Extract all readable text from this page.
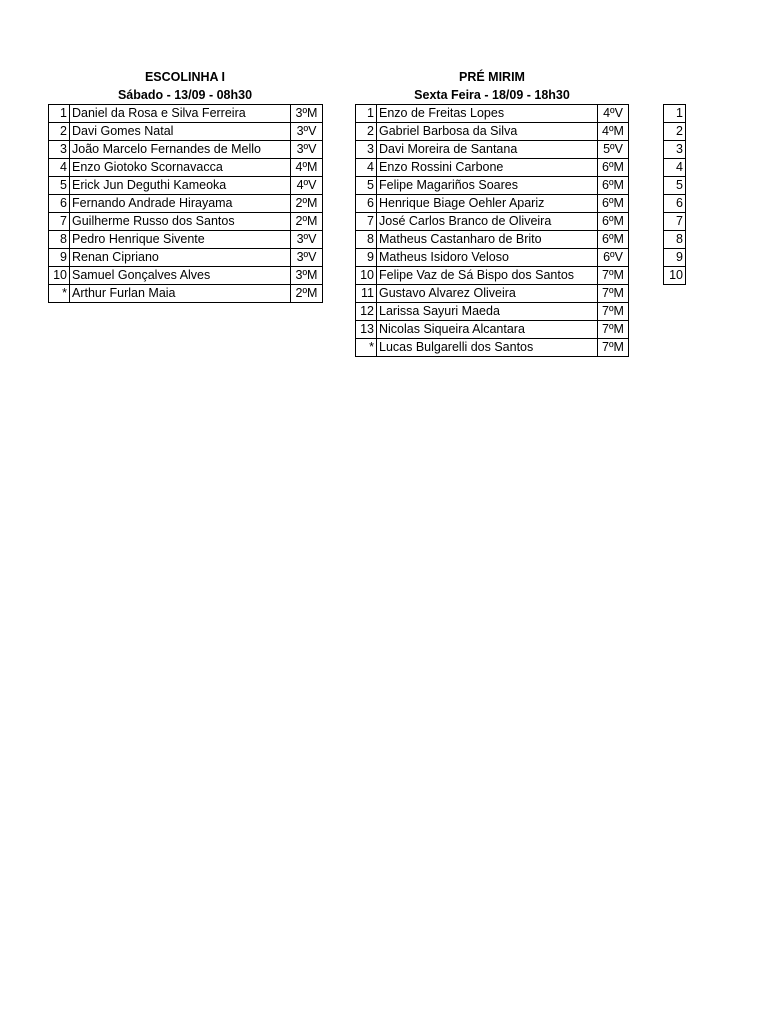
ESCOLINHA I
Sábado - 13/09 - 08h30
1	Daniel da Rosa e Silva Ferreira	3ºM
2	Davi Gomes Natal	3ºV
3	João Marcelo Fernandes de Mello	3ºV
4	Enzo Giotoko Scornavacca	4ºM
5	Erick Jun Deguthi Kameoka	4ºV
6	Fernando Andrade Hirayama	2ºM
7	Guilherme Russo dos Santos	2ºM
8	Pedro Henrique Sivente	3ºV
9	Renan Cipriano	3ºV
10	Samuel Gonçalves Alves	3ºM
*	Arthur Furlan Maia	2ºM
PRÉ MIRIM
Sexta Feira - 18/09 - 18h30
1	Enzo de Freitas Lopes	4ºV
2	Gabriel Barbosa da Silva	4ºM
3	Davi Moreira de Santana	5ºV
4	Enzo Rossini Carbone	6ºM
5	Felipe Magariños Soares	6ºM
6	Henrique Biage Oehler Apariz	6ºM
7	José Carlos Branco de Oliveira	6ºM
8	Matheus Castanharo de Brito	6ºM
9	Matheus Isidoro Veloso	6ºV
10	Felipe Vaz de Sá Bispo dos Santos	7ºM
11	Gustavo Alvarez Oliveira	7ºM
12	Larissa Sayuri Maeda	7ºM
13	Nicolas Siqueira Alcantara	7ºM
*	Lucas Bulgarelli dos Santos	7ºM
1
2
3
4
5
6
7
8
9
10
